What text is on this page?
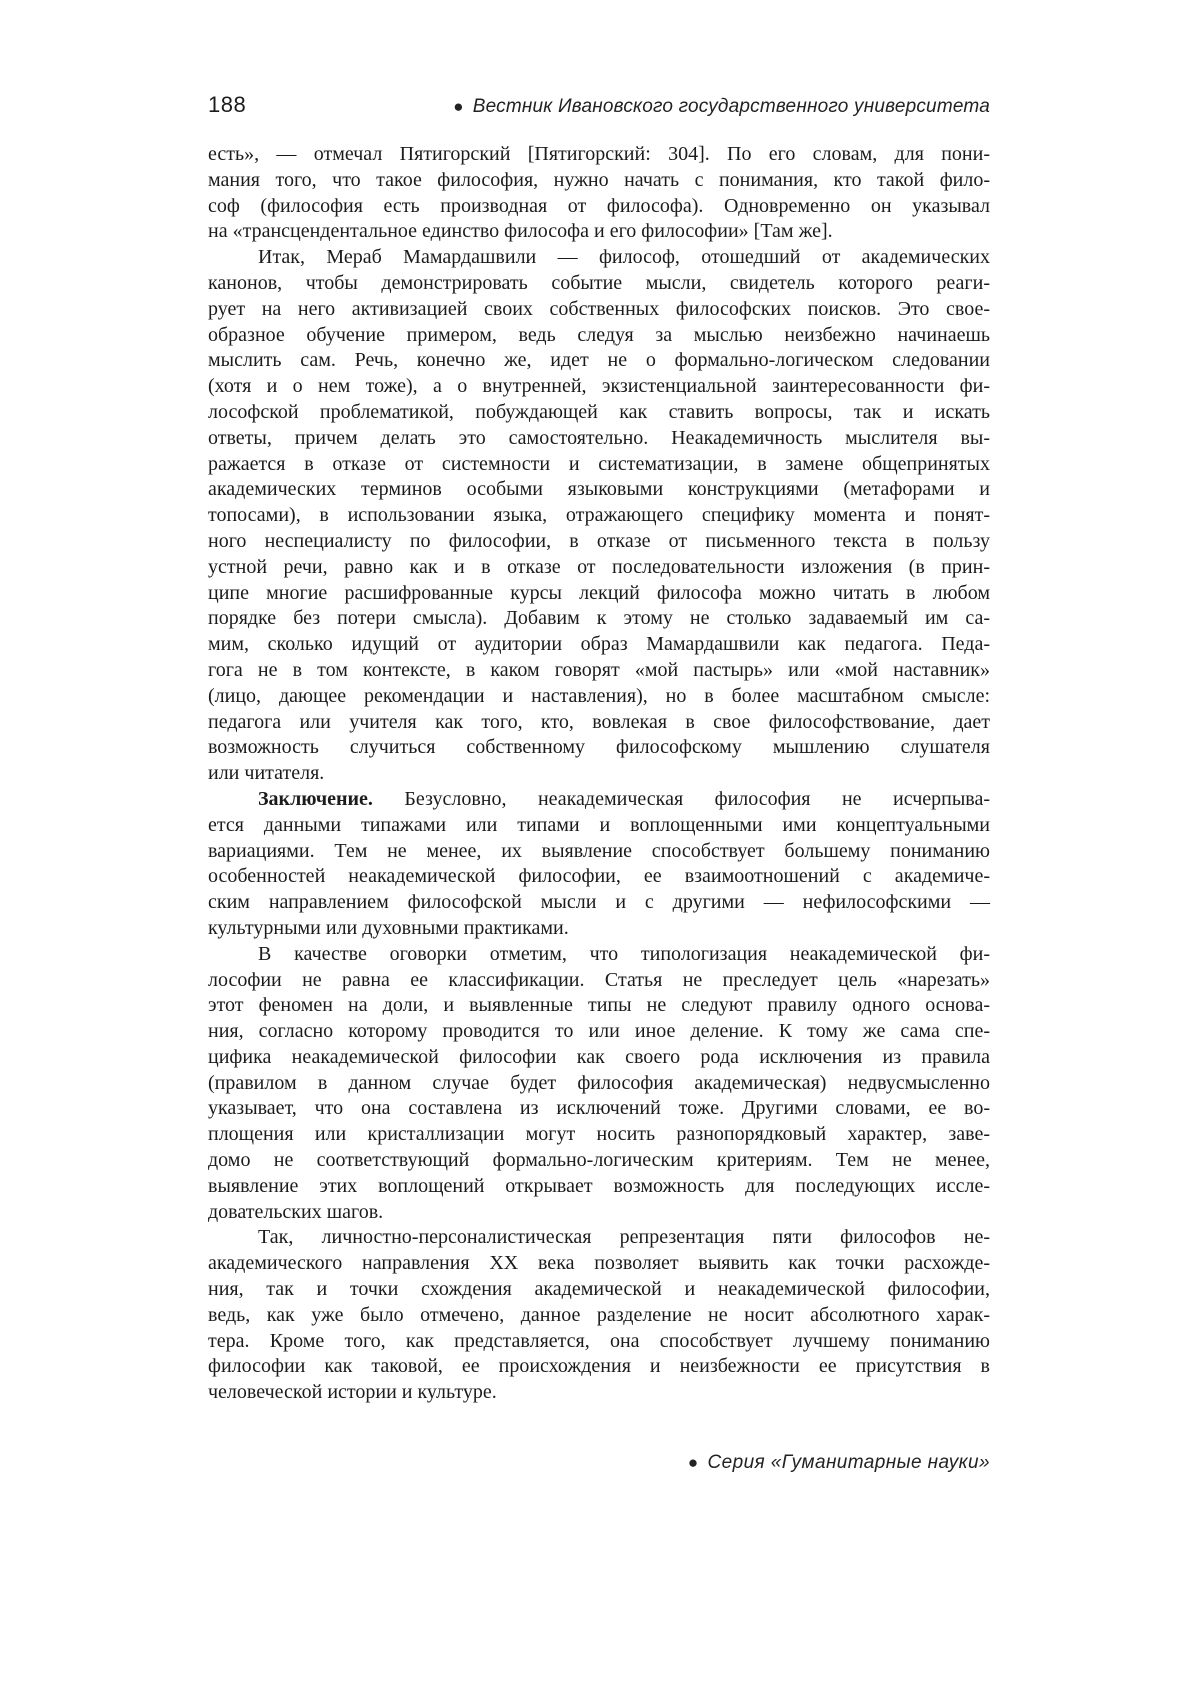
188	● Вестник Ивановского государственного университета
есть», — отмечал Пятигорский [Пятигорский: 304]. По его словам, для пони-
мания того, что такое философия, нужно начать с понимания, кто такой фило-
соф (философия есть производная от философа). Одновременно он указывал
на «трансцендентальное единство философа и его философии» [Там же].
Итак, Мераб Мамардашвили — философ, отошедший от академических
канонов, чтобы демонстрировать событие мысли, свидетель которого реаги-
рует на него активизацией своих собственных философских поисков. Это свое-
образное обучение примером, ведь следуя за мыслью неизбежно начинаешь
мыслить сам. Речь, конечно же, идет не о формально-логическом следовании
(хотя и о нем тоже), а о внутренней, экзистенциальной заинтересованности фи-
лософской проблематикой, побуждающей как ставить вопросы, так и искать
ответы, причем делать это самостоятельно. Неакадемичность мыслителя вы-
ражается в отказе от системности и систематизации, в замене общепринятых
академических терминов особыми языковыми конструкциями (метафорами и
топосами), в использовании языка, отражающего специфику момента и понят-
ного неспециалисту по философии, в отказе от письменного текста в пользу
устной речи, равно как и в отказе от последовательности изложения (в прин-
ципе многие расшифрованные курсы лекций философа можно читать в любом
порядке без потери смысла). Добавим к этому не столько задаваемый им са-
мим, сколько идущий от аудитории образ Мамардашвили как педагога. Педа-
гога не в том контексте, в каком говорят «мой пастырь» или «мой наставник»
(лицо, дающее рекомендации и наставления), но в более масштабном смысле:
педагога или учителя как того, кто, вовлекая в свое философствование, дает
возможность случиться собственному философскому мышлению слушателя
или читателя.
Заключение. Безусловно, неакадемическая философия не исчерпыва-
ется данными типажами или типами и воплощенными ими концептуальными
вариациями. Тем не менее, их выявление способствует большему пониманию
особенностей неакадемической философии, ее взаимоотношений с академиче-
ским направлением философской мысли и с другими — нефилософскими —
культурными или духовными практиками.
В качестве оговорки отметим, что типологизация неакадемической фи-
лософии не равна ее классификации. Статья не преследует цель «нарезать»
этот феномен на доли, и выявленные типы не следуют правилу одного основа-
ния, согласно которому проводится то или иное деление. К тому же сама спе-
цифика неакадемической философии как своего рода исключения из правила
(правилом в данном случае будет философия академическая) недвусмысленно
указывает, что она составлена из исключений тоже. Другими словами, ее во-
площения или кристаллизации могут носить разнопорядковый характер, заве-
домо не соответствующий формально-логическим критериям. Тем не менее,
выявление этих воплощений открывает возможность для последующих иссле-
довательских шагов.
Так, личностно-персоналистическая репрезентация пяти философов не-
академического направления XX века позволяет выявить как точки расхожде-
ния, так и точки схождения академической и неакадемической философии,
ведь, как уже было отмечено, данное разделение не носит абсолютного харак-
тера. Кроме того, как представляется, она способствует лучшему пониманию
философии как таковой, ее происхождения и неизбежности ее присутствия в
человеческой истории и культуре.
● Серия «Гуманитарные науки»
